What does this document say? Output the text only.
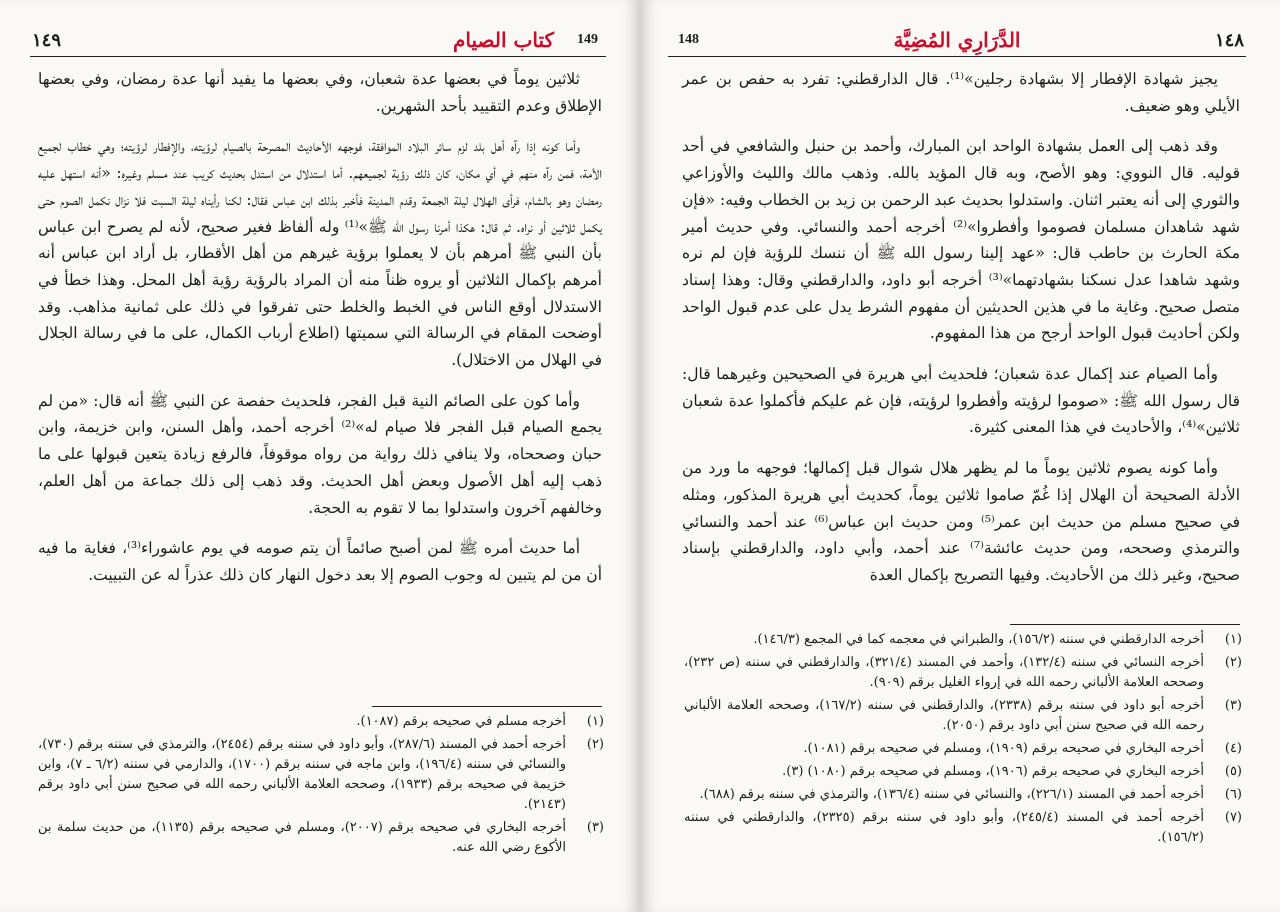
١٤٩	كتاب الصيام 149

ثلاثين يوماً في بعضها عدة شعبان، وفي بعضها ما يفيد أنها عدة رمضان، وفي بعضها الإطلاق وعدم التقييد بأحد الشهرين.

وأما كونه إذا رآه أهل بلد لزم سائر البلاد الموافقة، فوجهه الأحاديث المصرحة بالصيام لرؤيته، والإفطار لرؤيته؛ وهي خطاب لجميع الأمة، فمن رآه منهم في أي مكان، كان ذلك رؤية لجميعهم. أما استدلال من استدل بحديث كريب عند مسلم وغيره: «أنه استهل عليه رمضان وهو بالشام، فرأى الهلال ليلة الجمعة وقدم المدينة فأخبر بذلك ابن عباس فقال: لكنا رأيناه ليلة السبت فلا نزال نكمل الصوم حتى يكمل ثلاثين أو نراه. ثم قال: هكذا أمرنا رسول الله ﷺ»⁽¹⁾ وله ألفاظ فغير صحيح، لأنه لم يصرح ابن عباس بأن النبي ﷺ أمرهم بأن لا يعملوا برؤية غيرهم من أهل الأقطار، بل أراد ابن عباس أنه أمرهم بإكمال الثلاثين أو يروه ظناً منه أن المراد بالرؤية رؤية أهل المحل. وهذا خطأ في الاستدلال أوقع الناس في الخبط والخلط حتى تفرقوا في ذلك على ثمانية مذاهب. وقد أوضحت المقام في الرسالة التي سميتها (اطلاع أرباب الكمال، على ما في رسالة الجلال في الهلال من الاختلال).

وأما كون على الصائم النية قبل الفجر، فلحديث حفصة عن النبي ﷺ أنه قال: «من لم يجمع الصيام قبل الفجر فلا صيام له»⁽²⁾ أخرجه أحمد، وأهل السنن، وابن خزيمة، وابن حبان وصححاه، ولا ينافي ذلك رواية من رواه موقوفاً، فالرفع زيادة يتعين قبولها على ما ذهب إليه أهل الأصول وبعض أهل الحديث. وقد ذهب إلى ذلك جماعة من أهل العلم، وخالفهم آخرون واستدلوا بما لا تقوم به الحجة.

أما حديث أمره ﷺ لمن أصبح صائماً أن يتم صومه في يوم عاشوراء⁽³⁾، فغاية ما فيه أن من لم يتبين له وجوب الصوم إلا بعد دخول النهار كان ذلك عذراً له عن التبييت.

(١)
أخرجه مسلم في صحيحه برقم (١٠٨٧).
(٢)
أخرجه أحمد في المسند (٢٨٧/٦)، وأبو داود في سننه برقم (٢٤٥٤)، والترمذي في سننه برقم (٧٣٠)، والنسائي في سننه (١٩٦/٤)، وابن ماجه في سننه برقم (١٧٠٠)، والدارمي في سننه (٦/٢ ـ ٧)، وابن خزيمة في صحيحه برقم (١٩٣٣)، وصححه العلامة الألباني رحمه الله في صحيح سنن أبي داود برقم (٢١٤٣).
(٣)
أخرجه البخاري في صحيحه برقم (٢٠٠٧)، ومسلم في صحيحه برقم (١١٣٥)، من حديث سلمة بن الأكوع رضي الله عنه.
148	الدَّرَارِي المُضِيَّة	١٤٨

يجيز شهادة الإفطار إلا بشهادة رجلين»⁽¹⁾. قال الدارقطني: تفرد به حفص بن عمر الأيلي وهو ضعيف.

وقد ذهب إلى العمل بشهادة الواحد ابن المبارك، وأحمد بن حنبل والشافعي في أحد قوليه. قال النووي: وهو الأصح، وبه قال المؤيد بالله. وذهب مالك والليث والأوزاعي والثوري إلى أنه يعتبر اثنان. واستدلوا بحديث عبد الرحمن بن زيد بن الخطاب وفيه: «فإن شهد شاهدان مسلمان فصوموا وأفطروا»⁽²⁾ أخرجه أحمد والنسائي. وفي حديث أمير مكة الحارث بن حاطب قال: «عهد إلينا رسول الله ﷺ أن ننسك للرؤية فإن لم نره وشهد شاهدا عدل نسكنا بشهادتهما»⁽³⁾ أخرجه أبو داود، والدارقطني وقال: وهذا إسناد متصل صحيح. وغاية ما في هذين الحديثين أن مفهوم الشرط يدل على عدم قبول الواحد ولكن أحاديث قبول الواحد أرجح من هذا المفهوم.

وأما الصيام عند إكمال عدة شعبان؛ فلحديث أبي هريرة في الصحيحين وغيرهما قال: قال رسول الله ﷺ: «صوموا لرؤيته وأفطروا لرؤيته، فإن غم عليكم فأكملوا عدة شعبان ثلاثين»⁽⁴⁾، والأحاديث في هذا المعنى كثيرة.

وأما كونه يصوم ثلاثين يوماً ما لم يظهر هلال شوال قبل إكمالها؛ فوجهه ما ورد من الأدلة الصحيحة أن الهلال إذا غُمّ صاموا ثلاثين يوماً، كحديث أبي هريرة المذكور، ومثله في صحيح مسلم من حديث ابن عمر⁽⁵⁾ ومن حديث ابن عباس⁽⁶⁾ عند أحمد والنسائي والترمذي وصححه، ومن حديث عائشة⁽⁷⁾ عند أحمد، وأبي داود، والدارقطني بإسناد صحيح، وغير ذلك من الأحاديث. وفيها التصريح بإكمال العدة

(١)
أخرجه الدارقطني في سننه (١٥٦/٢)، والطبراني في معجمه كما في المجمع (١٤٦/٣).
(٢)
أخرجه النسائي في سننه (١٣٢/٤)، وأحمد في المسند (٣٢١/٤)، والدارقطني في سننه (ص ٢٣٢)، وصححه العلامة الألباني رحمه الله في إرواء الغليل برقم (٩٠٩).
(٣)
أخرجه أبو داود في سننه برقم (٢٣٣٨)، والدارقطني في سننه (١٦٧/٢)، وصححه العلامة الألباني رحمه الله في صحيح سنن أبي داود برقم (٢٠٥٠).
(٤)
أخرجه البخاري في صحيحه برقم (١٩٠٩)، ومسلم في صحيحه برقم (١٠٨١).
(٥)
أخرجه البخاري في صحيحه برقم (١٩٠٦)، ومسلم في صحيحه برقم (١٠٨٠) (٣).
(٦)
أخرجه أحمد في المسند (٢٢٦/١)، والنسائي في سننه (١٣٦/٤)، والترمذي في سننه برقم (٦٨٨).
(٧)
أخرجه أحمد في المسند (٢٤٥/٤)، وأبو داود في سننه برقم (٢٣٢٥)، والدارقطني في سننه (١٥٦/٢).
